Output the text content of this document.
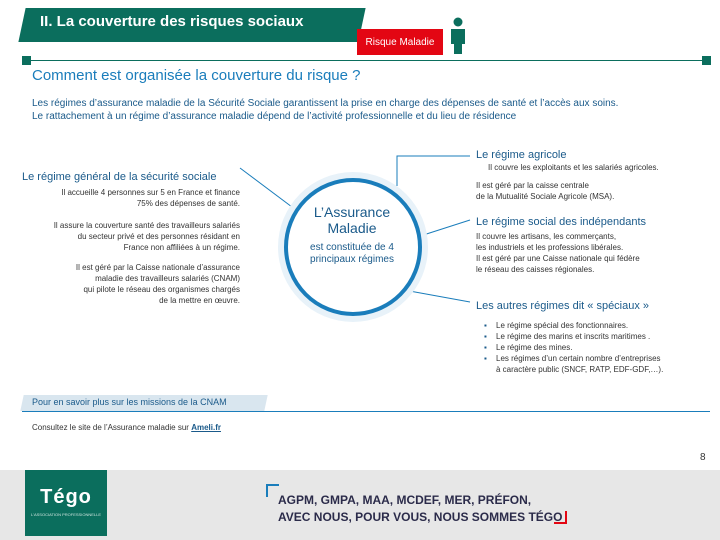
II. La couverture des risques sociaux
Risque Maladie
Comment est organisée la couverture du risque ?
Les régimes d’assurance maladie de la Sécurité Sociale garantissent la prise en charge des dépenses de santé et l’accès aux soins.
Le rattachement à un régime d’assurance maladie dépend de l’activité professionnelle et du lieu de résidence
Le régime général de la sécurité sociale
Il accueille 4 personnes sur 5 en France et finance
75% des dépenses de santé.
Il assure la couverture santé des travailleurs salariés
du secteur privé et des personnes résidant en
France non affiliées à un régime.
Il est géré par la Caisse nationale d’assurance
maladie des travailleurs salariés (CNAM)
qui pilote le réseau des organismes chargés
de la mettre en œuvre.
L’Assurance Maladie
est constituée de 4 principaux régimes
Le régime agricole
Il couvre les exploitants et les salariés agricoles.
Il est géré par la caisse centrale
de la Mutualité Sociale Agricole (MSA).
Le régime social des indépendants
Il couvre les artisans, les commerçants,
les industriels et les professions libérales.
Il est géré par une Caisse nationale qui fédère
le réseau des caisses régionales.
Les autres régimes dit « spéciaux »
▪ Le régime spécial des fonctionnaires.
▪ Le régime des marins et inscrits maritimes .
▪ Le régime des mines.
▪ Les régimes d’un certain nombre d’entreprises
à caractère public (SNCF, RATP, EDF-GDF,…).
Pour en savoir plus sur les missions de la CNAM
Consultez le site de l’Assurance maladie sur Ameli.fr
8
Tégo
L'ASSOCIATION PROFESSIONNELLE
AGPM, GMPA, MAA, MCDEF, MER, PRÉFON,
AVEC NOUS, POUR VOUS, NOUS SOMMES TÉGO
